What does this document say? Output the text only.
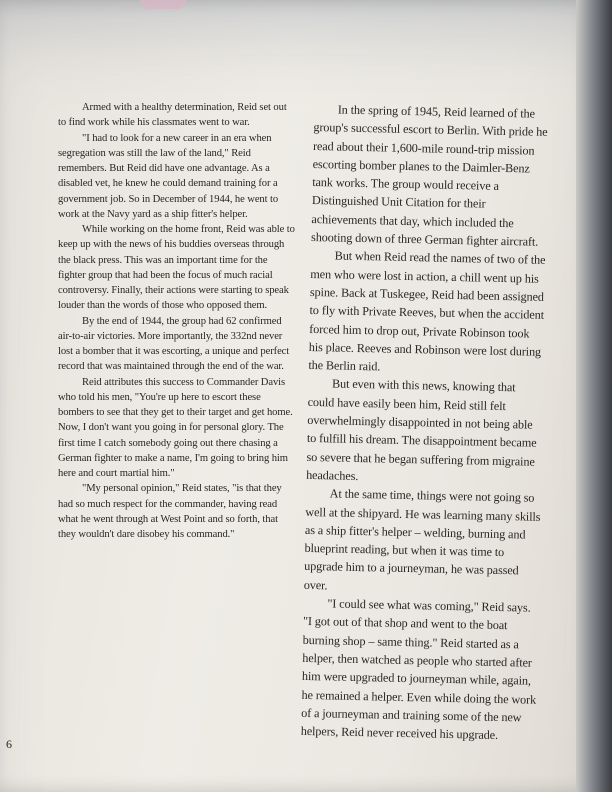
Armed with a healthy determination, Reid set out to find work while his classmates went to war.

"I had to look for a new career in an era when segregation was still the law of the land," Reid remembers. But Reid did have one advantage. As a disabled vet, he knew he could demand training for a government job. So in December of 1944, he went to work at the Navy yard as a ship fitter's helper.

While working on the home front, Reid was able to keep up with the news of his buddies overseas through the black press. This was an important time for the fighter group that had been the focus of much racial controversy. Finally, their actions were starting to speak louder than the words of those who opposed them.

By the end of 1944, the group had 62 confirmed air-to-air victories. More importantly, the 332nd never lost a bomber that it was escorting, a unique and perfect record that was maintained through the end of the war.

Reid attributes this success to Commander Davis who told his men, "You're up here to escort these bombers to see that they get to their target and get home. Now, I don't want you going in for personal glory. The first time I catch somebody going out there chasing a German fighter to make a name, I'm going to bring him here and court martial him."

"My personal opinion," Reid states, "is that they had so much respect for the commander, having read what he went through at West Point and so forth, that they wouldn't dare disobey his command."

In the spring of 1945, Reid learned of the group's successful escort to Berlin. With pride he read about their 1,600-mile round-trip mission escorting bomber planes to the Daimler-Benz tank works. The group would receive a Distinguished Unit Citation for their achievements that day, which included the shooting down of three German fighter aircraft.

But when Reid read the names of two of the men who were lost in action, a chill went up his spine. Back at Tuskegee, Reid had been assigned to fly with Private Reeves, but when the accident forced him to drop out, Private Robinson took his place. Reeves and Robinson were lost during the Berlin raid.

But even with this news, knowing that could have easily been him, Reid still felt overwhelmingly disappointed in not being able to fulfill his dream. The disappointment became so severe that he began suffering from migraine headaches.

At the same time, things were not going so well at the shipyard. He was learning many skills as a ship fitter's helper – welding, burning and blueprint reading, but when it was time to upgrade him to a journeyman, he was passed over.

"I could see what was coming," Reid says. "I got out of that shop and went to the boat burning shop – same thing." Reid started as a helper, then watched as people who started after him were upgraded to journeyman while, again, he remained a helper. Even while doing the work of a journeyman and training some of the new helpers, Reid never received his upgrade.

6
